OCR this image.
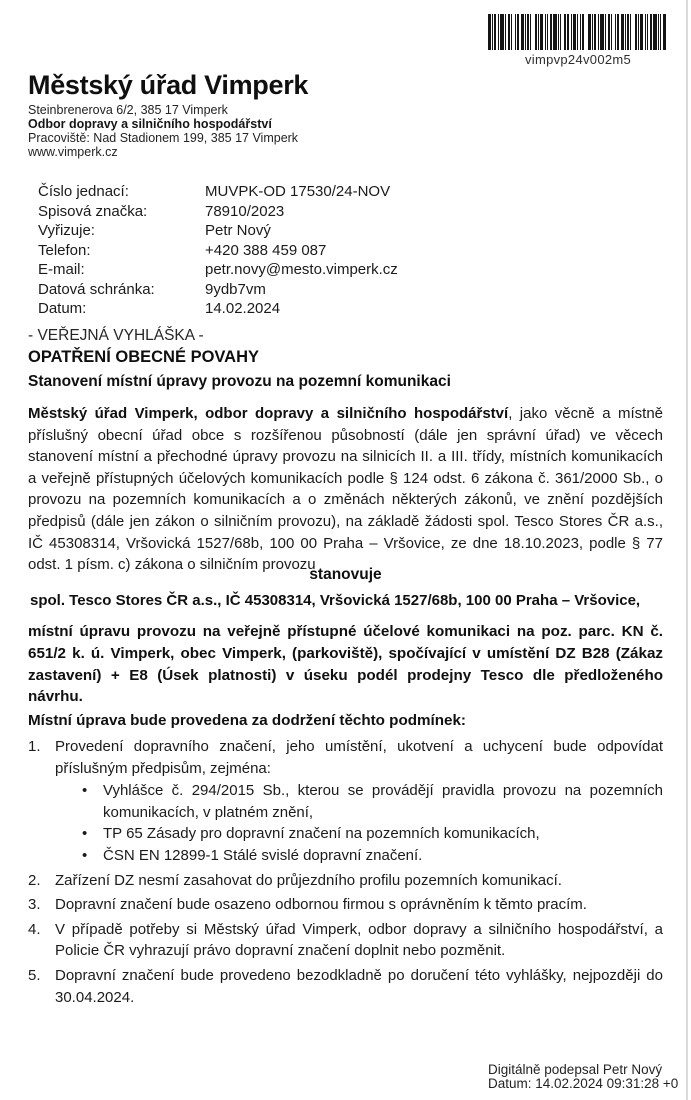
vimpvp24v002m5
Městský úřad Vimperk
Steinbrenerova 6/2, 385 17 Vimperk
Odbor dopravy a silničního hospodářství
Pracoviště: Nad Stadionem 199, 385 17 Vimperk
www.vimperk.cz
Číslo jednací:	MUVPK-OD 17530/24-NOV
Spisová značka:	78910/2023
Vyřizuje:	Petr Nový
Telefon:	+420 388 459 087
E-mail:	petr.novy@mesto.vimperk.cz
Datová schránka:	9ydb7vm
Datum:	14.02.2024
- VEŘEJNÁ VYHLÁŠKA -
OPATŘENÍ OBECNÉ POVAHY
Stanovení místní úpravy provozu na pozemní komunikaci
Městský úřad Vimperk, odbor dopravy a silničního hospodářství, jako věcně a místně příslušný obecní úřad obce s rozšířenou působností (dále jen správní úřad) ve věcech stanovení místní a přechodné úpravy provozu na silnicích II. a III. třídy, místních komunikacích a veřejně přístupných účelových komunikacích podle § 124 odst. 6 zákona č. 361/2000 Sb., o provozu na pozemních komunikacích a o změnách některých zákonů, ve znění pozdějších předpisů (dále jen zákon o silničním provozu), na základě žádosti spol. Tesco Stores ČR a.s., IČ 45308314, Vršovická 1527/68b, 100 00 Praha – Vršovice, ze dne 18.10.2023, podle § 77 odst. 1 písm. c) zákona o silničním provozu
stanovuje
spol. Tesco Stores ČR a.s., IČ 45308314, Vršovická 1527/68b, 100 00 Praha – Vršovice,
místní úpravu provozu na veřejně přístupné účelové komunikaci na poz. parc. KN č. 651/2 k. ú. Vimperk, obec Vimperk, (parkoviště), spočívající v umístění DZ B28 (Zákaz zastavení) + E8 (Úsek platnosti) v úseku podél prodejny Tesco dle předloženého návrhu.
Místní úprava bude provedena za dodržení těchto podmínek:
1. Provedení dopravního značení, jeho umístění, ukotvení a uchycení bude odpovídat příslušným předpisům, zejména:
•	Vyhlášce č. 294/2015 Sb., kterou se provádějí pravidla provozu na pozemních komunikacích, v platném znění,
•	TP 65 Zásady pro dopravní značení na pozemních komunikacích,
•	ČSN EN 12899-1 Stálé svislé dopravní značení.
2. Zařízení DZ nesmí zasahovat do průjezdního profilu pozemních komunikací.
3. Dopravní značení bude osazeno odbornou firmou s oprávněním k těmto pracím.
4. V případě potřeby si Městský úřad Vimperk, odbor dopravy a silničního hospodářství, a Policie ČR vyhrazují právo dopravní značení doplnit nebo pozměnit.
5. Dopravní značení bude provedeno bezodkladně po doručení této vyhlášky, nejpozději do 30.04.2024.
Digitálně podepsal Petr Nový
Datum: 14.02.2024 09:31:28 +0
